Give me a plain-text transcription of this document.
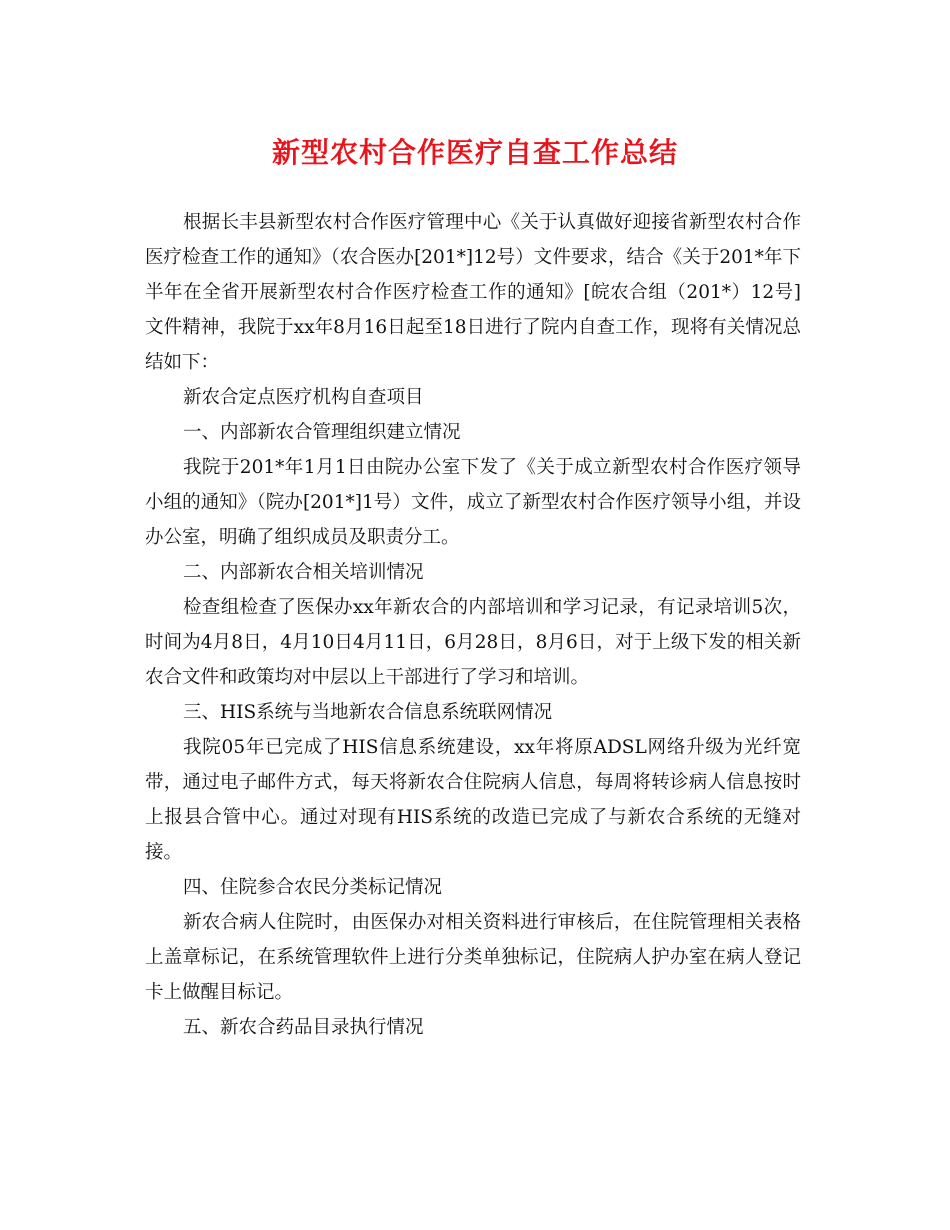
新型农村合作医疗自查工作总结

根据长丰县新型农村合作医疗管理中心《关于认真做好迎接省新型农村合作医疗检查工作的通知》（农合医办[201*]12号）文件要求，结合《关于201*年下半年在全省开展新型农村合作医疗检查工作的通知》[皖农合组（201*）12号]文件精神，我院于xx年8月16日起至18日进行了院内自查工作，现将有关情况总结如下：

新农合定点医疗机构自查项目

一、内部新农合管理组织建立情况

我院于201*年1月1日由院办公室下发了《关于成立新型农村合作医疗领导小组的通知》（院办[201*]1号）文件，成立了新型农村合作医疗领导小组，并设办公室，明确了组织成员及职责分工。

二、内部新农合相关培训情况

检查组检查了医保办xx年新农合的内部培训和学习记录，有记录培训5次，时间为4月8日，4月10日4月11日，6月28日，8月6日，对于上级下发的相关新农合文件和政策均对中层以上干部进行了学习和培训。

三、HIS系统与当地新农合信息系统联网情况

我院05年已完成了HIS信息系统建设，xx年将原ADSL网络升级为光纤宽带，通过电子邮件方式，每天将新农合住院病人信息，每周将转诊病人信息按时上报县合管中心。通过对现有HIS系统的改造已完成了与新农合系统的无缝对接。

四、住院参合农民分类标记情况

新农合病人住院时，由医保办对相关资料进行审核后，在住院管理相关表格上盖章标记，在系统管理软件上进行分类单独标记，住院病人护办室在病人登记卡上做醒目标记。

五、新农合药品目录执行情况
